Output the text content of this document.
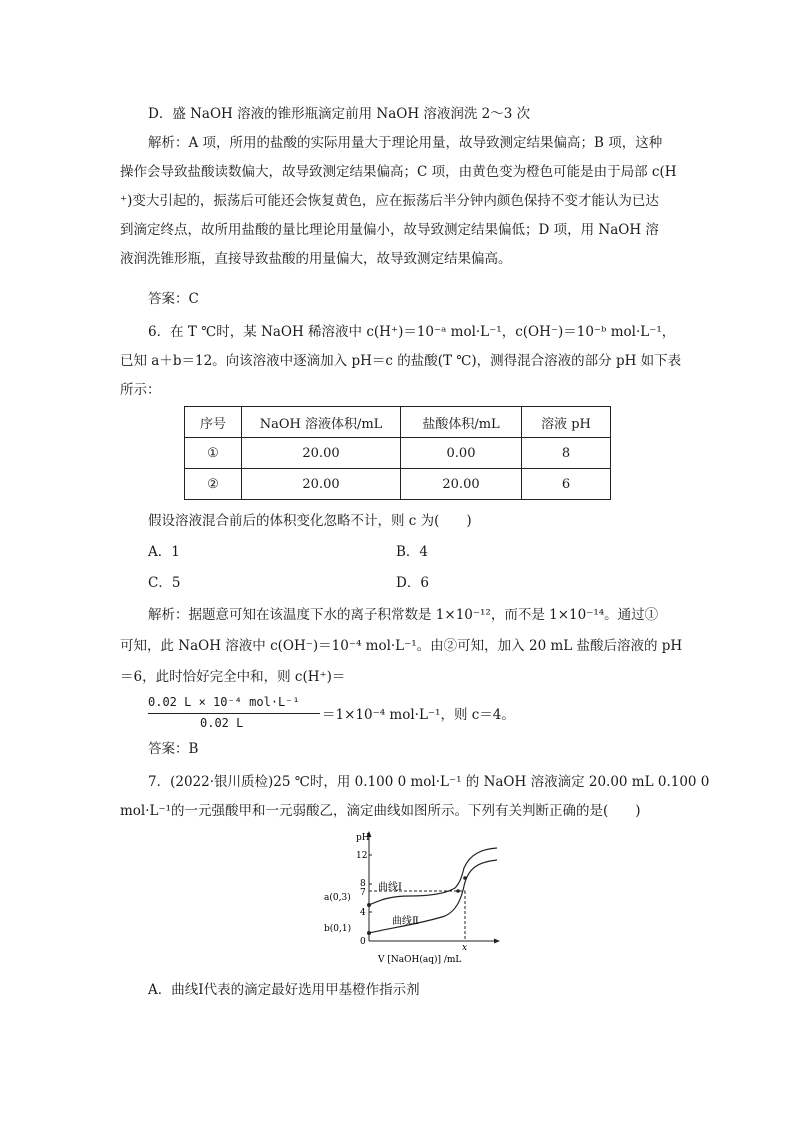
D．盛 NaOH 溶液的锥形瓶滴定前用 NaOH 溶液润洗 2～3 次
解析：A 项，所用的盐酸的实际用量大于理论用量，故导致测定结果偏高；B 项，这种
操作会导致盐酸读数偏大，故导致测定结果偏高；C 项，由黄色变为橙色可能是由于局部 c(H
⁺)变大引起的，振荡后可能还会恢复黄色，应在振荡后半分钟内颜色保持不变才能认为已达
到滴定终点，故所用盐酸的量比理论用量偏小，故导致测定结果偏低；D 项，用 NaOH 溶
液润洗锥形瓶，直接导致盐酸的用量偏大，故导致测定结果偏高。
答案：C
6．在 T ℃时，某 NaOH 稀溶液中 c(H⁺)＝10⁻ᵃ mol·L⁻¹，c(OH⁻)＝10⁻ᵇ mol·L⁻¹，
已知 a＋b＝12。向该溶液中逐滴加入 pH＝c 的盐酸(T ℃)，测得混合溶液的部分 pH 如下表
所示：
序号	NaOH 溶液体积/mL	盐酸体积/mL	溶液 pH
①	20.00	0.00	8
②	20.00	20.00	6
假设溶液混合前后的体积变化忽略不计，则 c 为(　　)
A．1	B．4
C．5	D．6
解析：据题意可知在该温度下水的离子积常数是 1×10⁻¹²，而不是 1×10⁻¹⁴。通过①
可知，此 NaOH 溶液中 c(OH⁻)＝10⁻⁴ mol·L⁻¹。由②可知，加入 20 mL 盐酸后溶液的 pH
＝6，此时恰好完全中和，则 c(H⁺)＝
0.02 L × 10⁻⁴ mol·L⁻¹
0.02 L	＝1×10⁻⁴ mol·L⁻¹，则 c＝4。
答案：B
7．(2022·银川质检)25 ℃时，用 0.100 0 mol·L⁻¹ 的 NaOH 溶液滴定 20.00 mL 0.100 0
mol·L⁻¹的一元强酸甲和一元弱酸乙，滴定曲线如图所示。下列有关判断正确的是(　　)
pH
12
8
7
4
0
a(0,3)
b(0,1)
曲线Ⅰ
曲线Ⅱ
x
V [NaOH(aq)] /mL
A．曲线Ⅰ代表的滴定最好选用甲基橙作指示剂
